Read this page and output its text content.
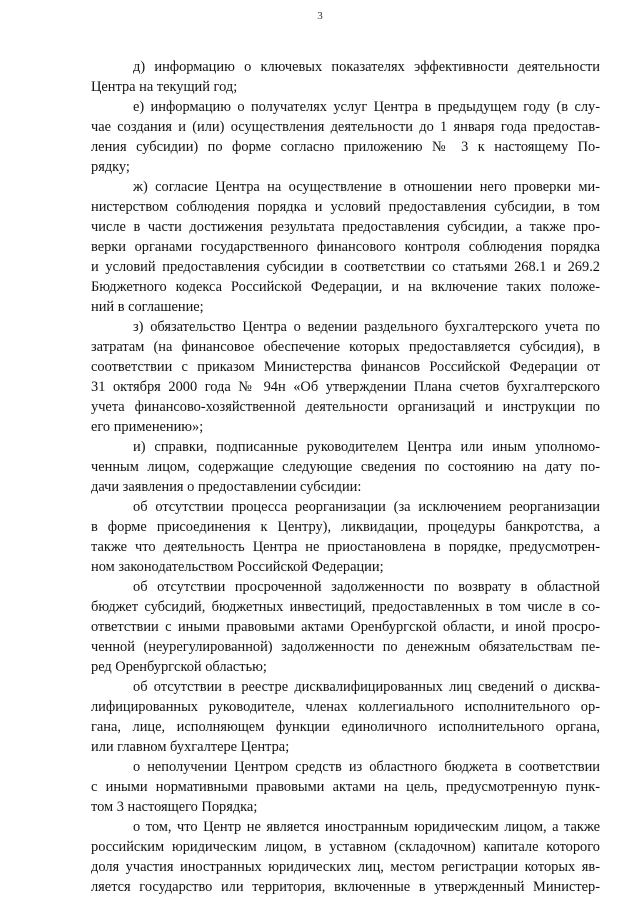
3
д) информацию о ключевых показателях эффективности деятельности
Центра на текущий год;
е) информацию о получателях услуг Центра в предыдущем году (в слу-
чае создания и (или) осуществления деятельности до 1 января года предостав-
ления субсидии) по форме согласно приложению № 3 к настоящему По-
рядку;
ж) согласие Центра на осуществление в отношении него проверки ми-
нистерством соблюдения порядка и условий предоставления субсидии, в том
числе в части достижения результата предоставления субсидии, а также про-
верки органами государственного финансового контроля соблюдения порядка
и условий предоставления субсидии в соответствии со статьями 268.1 и 269.2
Бюджетного кодекса Российской Федерации, и на включение таких положе-
ний в соглашение;
з) обязательство Центра о ведении раздельного бухгалтерского учета по
затратам (на финансовое обеспечение которых предоставляется субсидия), в
соответствии с приказом Министерства финансов Российской Федерации от
31 октября 2000 года № 94н «Об утверждении Плана счетов бухгалтерского
учета финансово-хозяйственной деятельности организаций и инструкции по
его применению»;
и) справки, подписанные руководителем Центра или иным уполномо-
ченным лицом, содержащие следующие сведения по состоянию на дату по-
дачи заявления о предоставлении субсидии:
об отсутствии процесса реорганизации (за исключением реорганизации
в форме присоединения к Центру), ликвидации, процедуры банкротства, а
также что деятельность Центра не приостановлена в порядке, предусмотрен-
ном законодательством Российской Федерации;
об отсутствии просроченной задолженности по возврату в областной
бюджет субсидий, бюджетных инвестиций, предоставленных в том числе в со-
ответствии с иными правовыми актами Оренбургской области, и иной просро-
ченной (неурегулированной) задолженности по денежным обязательствам пе-
ред Оренбургской областью;
об отсутствии в реестре дисквалифицированных лиц сведений о дисква-
лифицированных руководителе, членах коллегиального исполнительного ор-
гана, лице, исполняющем функции единоличного исполнительного органа,
или главном бухгалтере Центра;
о неполучении Центром средств из областного бюджета в соответствии
с иными нормативными правовыми актами на цель, предусмотренную пунк-
том 3 настоящего Порядка;
о том, что Центр не является иностранным юридическим лицом, а также
российским юридическим лицом, в уставном (складочном) капитале которого
доля участия иностранных юридических лиц, местом регистрации которых яв-
ляется государство или территория, включенные в утвержденный Министер-
